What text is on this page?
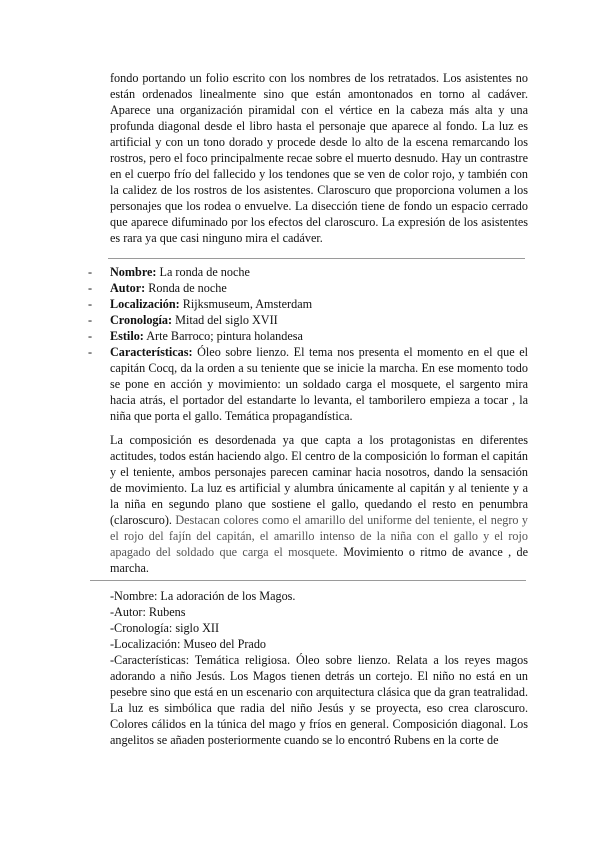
fondo portando un folio escrito con los nombres de los retratados. Los asistentes no están ordenados linealmente sino que están amontonados en torno al cadáver. Aparece una organización piramidal con el vértice en la cabeza más alta y una profunda diagonal desde el libro hasta el personaje que aparece al fondo. La luz es artificial y con un tono dorado y procede desde lo alto de la escena remarcando los rostros, pero el foco principalmente recae sobre el muerto desnudo. Hay un contrastre en el cuerpo frío del fallecido y los tendones que se ven de color rojo, y también con la calidez de los rostros de los asistentes. Claroscuro que proporciona volumen a los personajes que los rodea o envuelve. La disección tiene de fondo un espacio cerrado que aparece difuminado por los efectos del claroscuro. La expresión de los asistentes es rara ya que casi ninguno mira el cadáver.

- Nombre: La ronda de noche
- Autor: Ronda de noche
- Localización: Rijksmuseum, Amsterdam
- Cronología: Mitad del siglo XVII
- Estilo: Arte Barroco; pintura holandesa
- Características: Óleo sobre lienzo. El tema nos presenta el momento en el que el capitán Cocq, da la orden a su teniente que se inicie la marcha. En ese momento todo se pone en acción y movimiento: un soldado carga el mosquete, el sargento mira hacia atrás, el portador del estandarte lo levanta, el tamborilero empieza a tocar , la niña que porta el gallo. Temática propagandística.

La composición es desordenada ya que capta a los protagonistas en diferentes actitudes, todos están haciendo algo. El centro de la composición lo forman el capitán y el teniente, ambos personajes parecen caminar hacia nosotros, dando la sensación de movimiento. La luz es artificial y alumbra únicamente al capitán y al teniente y a la niña en segundo plano que sostiene el gallo, quedando el resto en penumbra (claroscuro). Destacan colores como el amarillo del uniforme del teniente, el negro y el rojo del fajín del capitán, el amarillo intenso de la niña con el gallo y el rojo apagado del soldado que carga el mosquete. Movimiento o ritmo de avance , de marcha.

-Nombre: La adoración de los Magos.
-Autor: Rubens
-Cronología: siglo XII
-Localización: Museo del Prado
-Características: Temática religiosa. Óleo sobre lienzo. Relata a los reyes magos adorando a niño Jesús. Los Magos tienen detrás un cortejo. El niño no está en un pesebre sino que está en un escenario con arquitectura clásica que da gran teatralidad. La luz es simbólica que radia del niño Jesús y se proyecta, eso crea claroscuro. Colores cálidos en la túnica del mago y fríos en general. Composición diagonal. Los angelitos se añaden posteriormente cuando se lo encontró Rubens en la corte de
